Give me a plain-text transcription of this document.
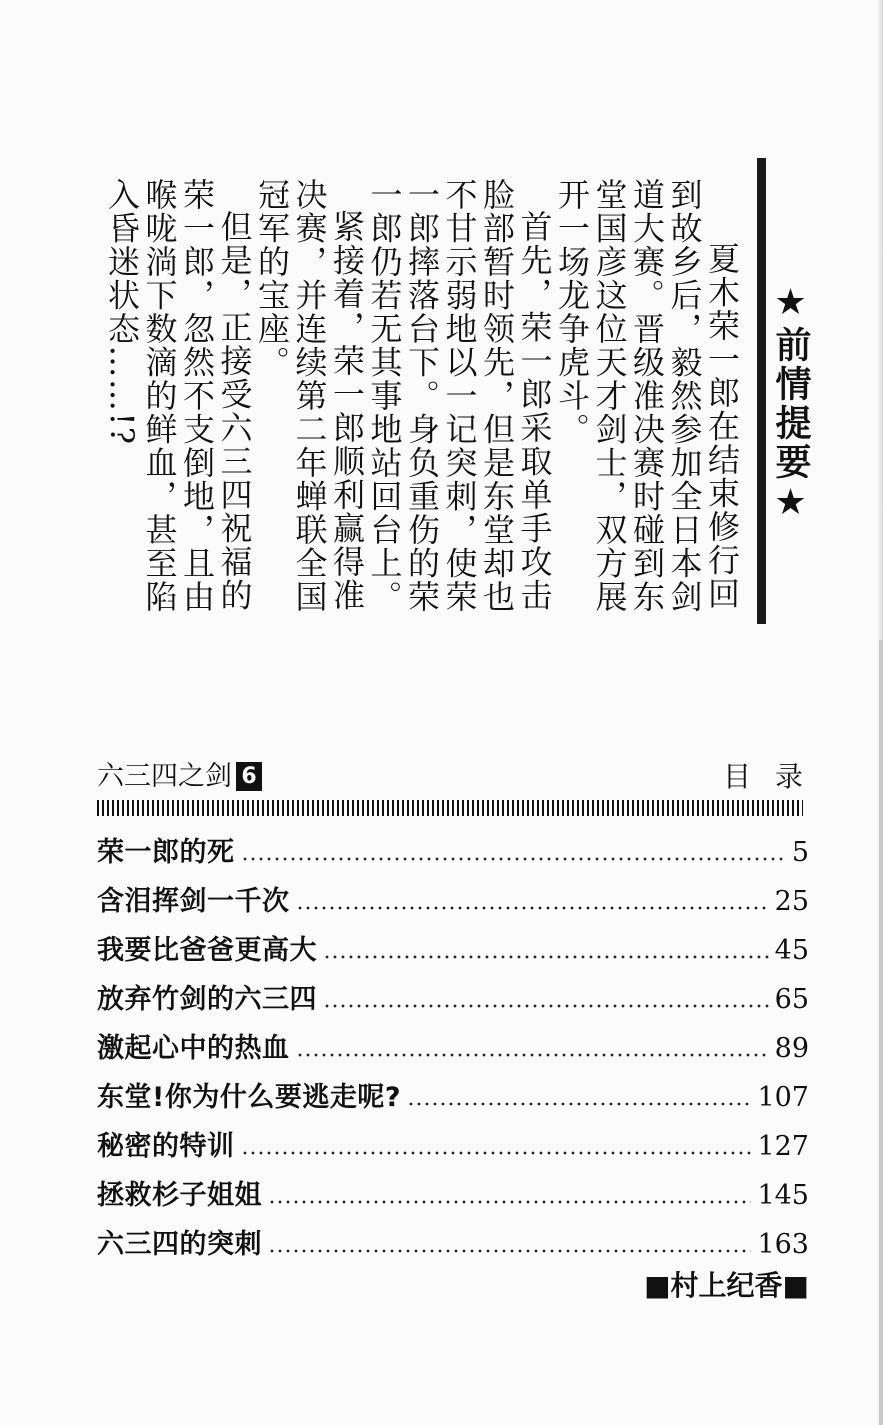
★前情提要★

夏木荣一郎在结束修行回到故乡后，毅然参加全日本剑道大赛。晋级准决赛时碰到东堂国彦这位天才剑士，双方展开一场龙争虎斗。

首先，荣一郎采取单手攻击脸部暂时领先，但是东堂却也不甘示弱地以一记突刺，使荣一郎摔落台下。身负重伤的荣一郎仍若无其事地站回台上。

紧接着，荣一郎顺利赢得准决赛，并连续第二年蝉联全国冠军的宝座。

但是，正接受六三四祝福的荣一郎，忽然不支倒地，且由喉咙淌下数滴的鲜血，甚至陷入昏迷状态……!?

六三四之剑 6	目录
荣一郎的死	5
含泪挥剑一千次	25
我要比爸爸更高大	45
放弃竹剑的六三四	65
激起心中的热血	89
东堂!你为什么要逃走呢?	107
秘密的特训	127
拯救杉子姐姐	145
六三四的突刺	163
■村上纪香■
